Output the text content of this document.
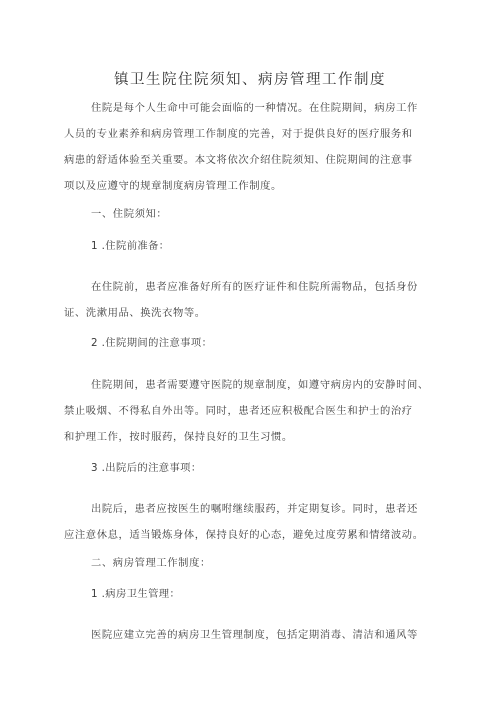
镇卫生院住院须知、病房管理工作制度

住院是每个人生命中可能会面临的一种情况。在住院期间，病房工作

人员的专业素养和病房管理工作制度的完善，对于提供良好的医疗服务和

病患的舒适体验至关重要。本文将依次介绍住院须知、住院期间的注意事

项以及应遵守的规章制度病房管理工作制度。

一、住院须知：

1 .住院前准备：

在住院前，患者应准备好所有的医疗证件和住院所需物品，包括身份

证、洗漱用品、换洗衣物等。

2 .住院期间的注意事项：

住院期间，患者需要遵守医院的规章制度，如遵守病房内的安静时间、

禁止吸烟、不得私自外出等。同时，患者还应积极配合医生和护士的治疗

和护理工作，按时服药，保持良好的卫生习惯。

3 .出院后的注意事项：

出院后，患者应按医生的嘱咐继续服药，并定期复诊。同时，患者还

应注意休息，适当锻炼身体，保持良好的心态，避免过度劳累和情绪波动。

二、病房管理工作制度：

1 .病房卫生管理：

医院应建立完善的病房卫生管理制度，包括定期消毒、清洁和通风等
